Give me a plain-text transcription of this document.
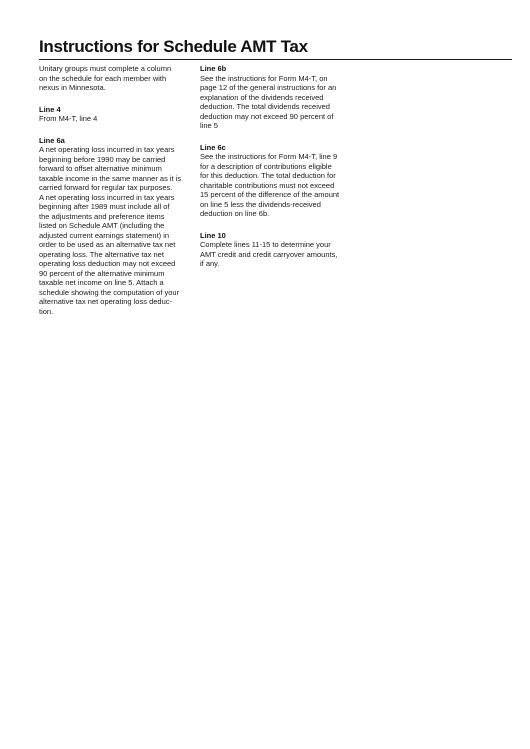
Instructions for Schedule AMT Tax

Unitary groups must complete a column
on the schedule for each member with
nexus in Minnesota.

Line 4

From M4-T, line 4

Line 6a

A net operating loss incurred in tax years
beginning before 1990 may be carried
forward to offset alternative minimum
taxable income in the same manner as it is
carried forward for regular tax purposes.
A net operating loss incurred in tax years
beginning after 1989 must include all of
the adjustments and preference items
listed on Schedule AMT (including the
adjusted current earnings statement) in
order to be used as an alternative tax net
operating loss. The alternative tax net
operating loss deduction may not exceed
90 percent of the alternative minimum
taxable net income on line 5. Attach a
schedule showing the computation of your
alternative tax net operating loss deduc-
tion.

Line 6b

See the instructions for Form M4-T, on
page 12 of the general instructions for an
explanation of the dividends received
deduction. The total dividends received
deduction may not exceed 90 percent of
line 5

Line 6c

See the instructions for Form M4-T, line 9
for a description of contributions eligible
for this deduction. The total deduction for
charitable contributions must not exceed
15 percent of the difference of the amount
on line 5 less the dividends-received
deduction on line 6b.

Line 10

Complete lines 11-15 to determine your
AMT credit and credit carryover amounts,
if any.
